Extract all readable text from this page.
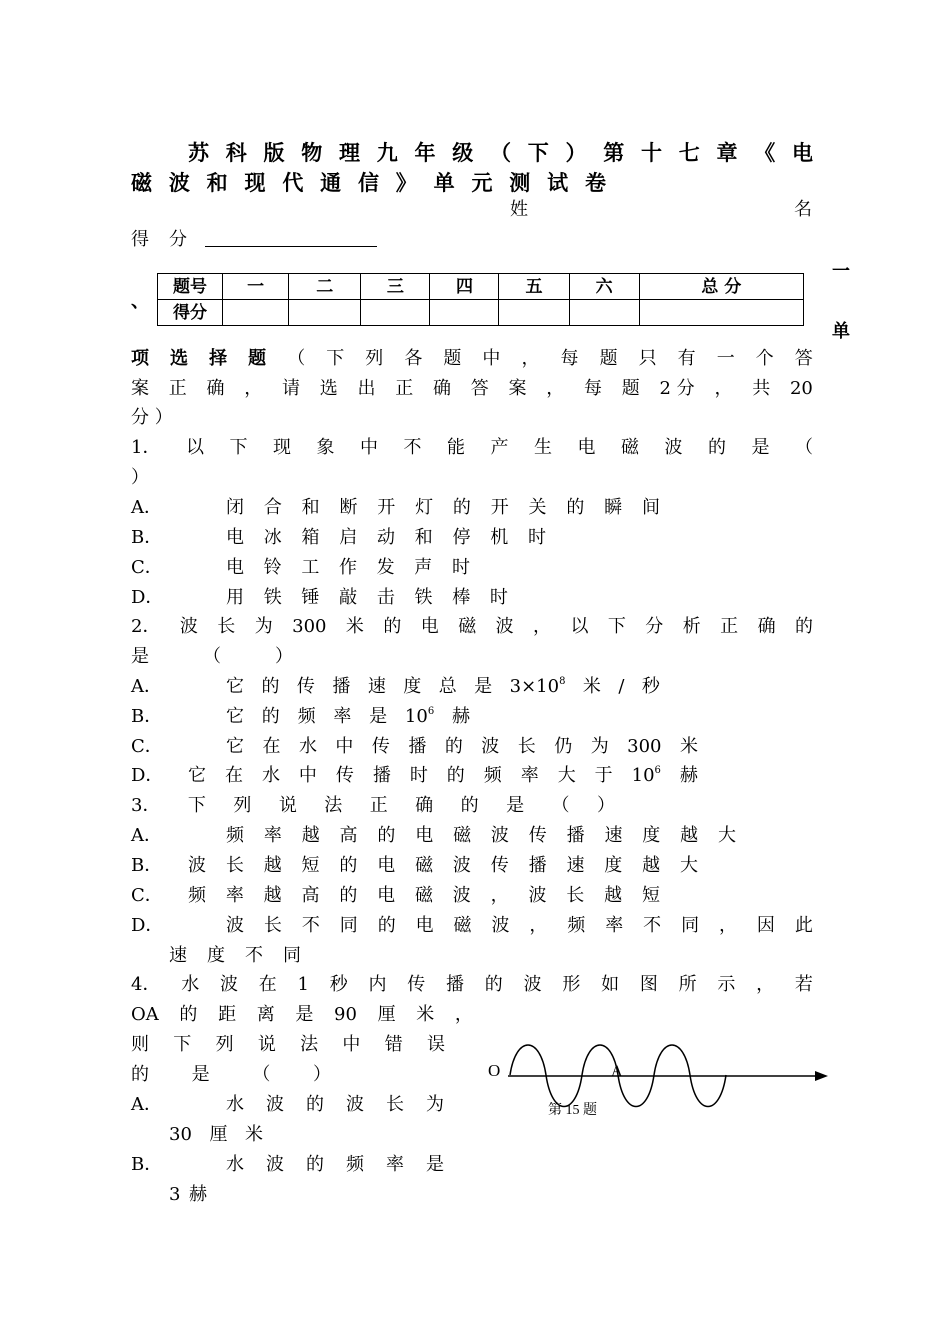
苏 科 版 物 理 九 年 级 （ 下 ） 第 十 七 章 《 电
磁 波 和 现 代 通 信 》 单 元 测 试 卷
姓	名
得 分
一
、
单
题号	一	二	三	四	五	六	总 分
得分							
项 选 择 题 （ 下 列 各 题 中 ， 每 题 只 有 一 个 答
案 正 确 ， 请 选 出 正 确 答 案 ， 每 题 2 分 ， 共 20
分 ）
1． 以 下 现 象 中 不 能 产 生 电 磁 波 的 是 （
）
A．	闭 合 和 断 开 灯 的 开 关 的 瞬 间
B．	电 冰 箱 启 动 和 停 机 时
C．	电 铃 工 作 发 声 时
D．	用 铁 锤 敲 击 铁 棒 时
2． 波 长 为 300 米 的 电 磁 波 ， 以 下 分 析 正 确 的
是	（	）
A．	它 的 传 播 速 度 总 是 $3\times 10^8$ 米 / 秒
B．	它 的 频 率 是 $10^6$ 赫
C．	它 在 水 中 传 播 的 波 长 仍 为 300 米
D． 它 在 水 中 传 播 时 的 频 率 大 于 $10^6$ 赫
3． 下 列 说 法 正 确 的 是 （ ）
A．	频 率 越 高 的 电 磁 波 传 播 速 度 越 大
B． 波 长 越 短 的 电 磁 波 传 播 速 度 越 大
C． 频 率 越 高 的 电 磁 波 ， 波 长 越 短
D．	波 长 不 同 的 电 磁 波 ， 频 率 不 同 ， 因 此
速 度 不 同
4． 水 波 在 1 秒 内 传 播 的 波 形 如 图 所 示 ， 若
OA 的 距 离 是 90 厘 米 ，
则 下 列 说 法 中 错 误
的 是 （ ）
A．	水 波 的 波 长 为
30 厘 米
B．	水 波 的 频 率 是
3 赫
O	A
第 15 题
